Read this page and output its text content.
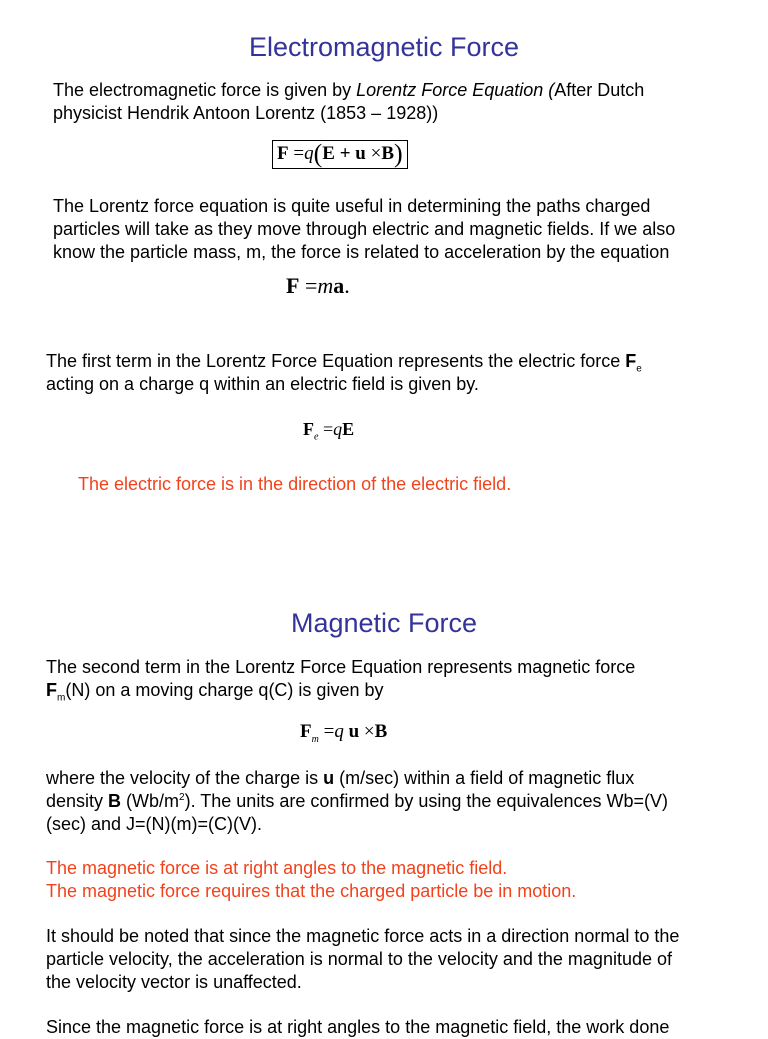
Electromagnetic Force
The electromagnetic force is given by Lorentz Force Equation (After Dutch
physicist Hendrik Antoon Lorentz (1853 – 1928))
F =q(E + u ×B)
The Lorentz force equation is quite useful in determining the paths charged
particles will take as they move through electric and magnetic fields. If we also
know the particle mass, m, the force is related to acceleration by the equation
F =ma.
The first term in the Lorentz Force Equation represents the electric force $F_e$
acting on a charge q within an electric field is given by.
$F_e =qE$
The electric force is in the direction of the electric field.
Magnetic Force
The second term in the Lorentz Force Equation represents magnetic force
$F_m(N)$ on a moving charge q(C) is given by
$F_m =q$ u ×B
where the velocity of the charge is u (m/sec) within a field of magnetic flux
density B $(Wb/m^2)$. The units are confirmed by using the equivalences Wb=(V)
(sec) and J=(N)(m)=(C)(V).
The magnetic force is at right angles to the magnetic field.
The magnetic force requires that the charged particle be in motion.
It should be noted that since the magnetic force acts in a direction normal to the
particle velocity, the acceleration is normal to the velocity and the magnitude of
the velocity vector is unaffected.
Since the magnetic force is at right angles to the magnetic field, the work done
